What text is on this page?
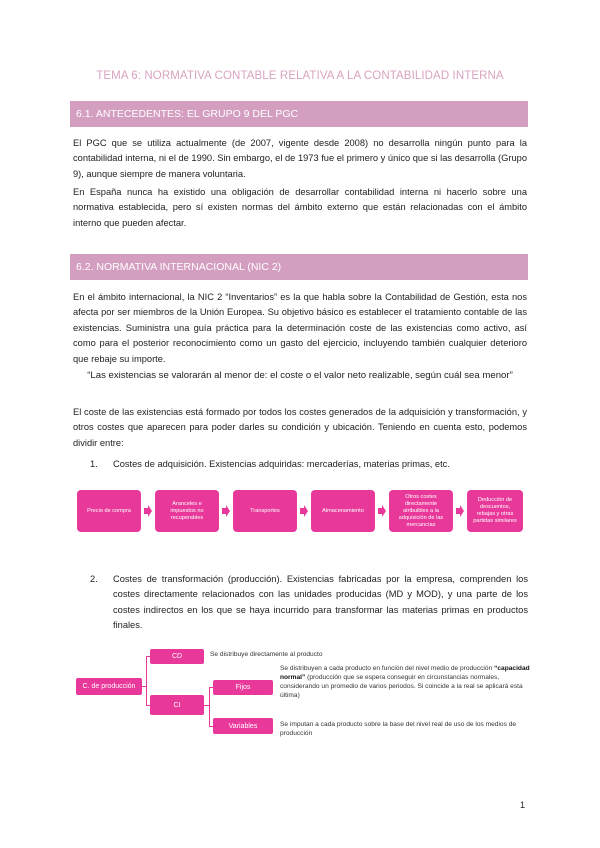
TEMA 6: NORMATIVA CONTABLE RELATIVA A LA CONTABILIDAD INTERNA
6.1. ANTECEDENTES: EL GRUPO 9 DEL PGC

El PGC que se utiliza actualmente (de 2007, vigente desde 2008) no desarrolla ningún punto para la contabilidad interna, ni el de 1990. Sin embargo, el de 1973 fue el primero y único que si las desarrolla (Grupo 9), aunque siempre de manera voluntaria.

En España nunca ha existido una obligación de desarrollar contabilidad interna ni hacerlo sobre una normativa establecida, pero sí existen normas del ámbito externo que están relacionadas con el ámbito interno que pueden afectar.

6.2. NORMATIVA INTERNACIONAL (NIC 2)

En el ámbito internacional, la NIC 2 “Inventarios” es la que habla sobre la Contabilidad de Gestión, esta nos afecta por ser miembros de la Unión Europea. Su objetivo básico es establecer el tratamiento contable de las existencias. Suministra una guía práctica para la determinación coste de las existencias como activo, así como para el posterior reconocimiento como un gasto del ejercicio, incluyendo también cualquier deterioro que rebaje su importe.

“Las existencias se valorarán al menor de: el coste o el valor neto realizable, según cuál sea menor”

El coste de las existencias está formado por todos los costes generados de la adquisición y transformación, y otros costes que aparecen para poder darles su condición y ubicación. Teniendo en cuenta esto, podemos dividir entre:

1.	Costes de adquisición. Existencias adquiridas: mercaderías, materias primas, etc.
Precio de compra
Aranceles e impuestos no recuperables
Transportes	Almacenamiento
Otros costes directamente atribuibles a la adquisición de las mercancías
Deducción de descuentos, rebajas y otras partidas similares
2.	Costes de transformación (producción). Existencias fabricadas por la empresa, comprenden los costes directamente relacionados con las unidades producidas (MD y MOD), y una parte de los costes indirectos en los que se haya incurrido para transformar las materias primas en productos finales.
C. de producción
CD	Se distribuye directamente al producto
CI
Fijos
Se distribuyen a cada producto en función del nivel medio de producción “capacidad normal” (producción que se espera conseguir en circunstancias normales, considerando un promedio de varios periodos. Si coincide a la real se aplicará esta última)
Variables	Se imputan a cada producto sobre la base del nivel real de uso de los medios de producción
1
